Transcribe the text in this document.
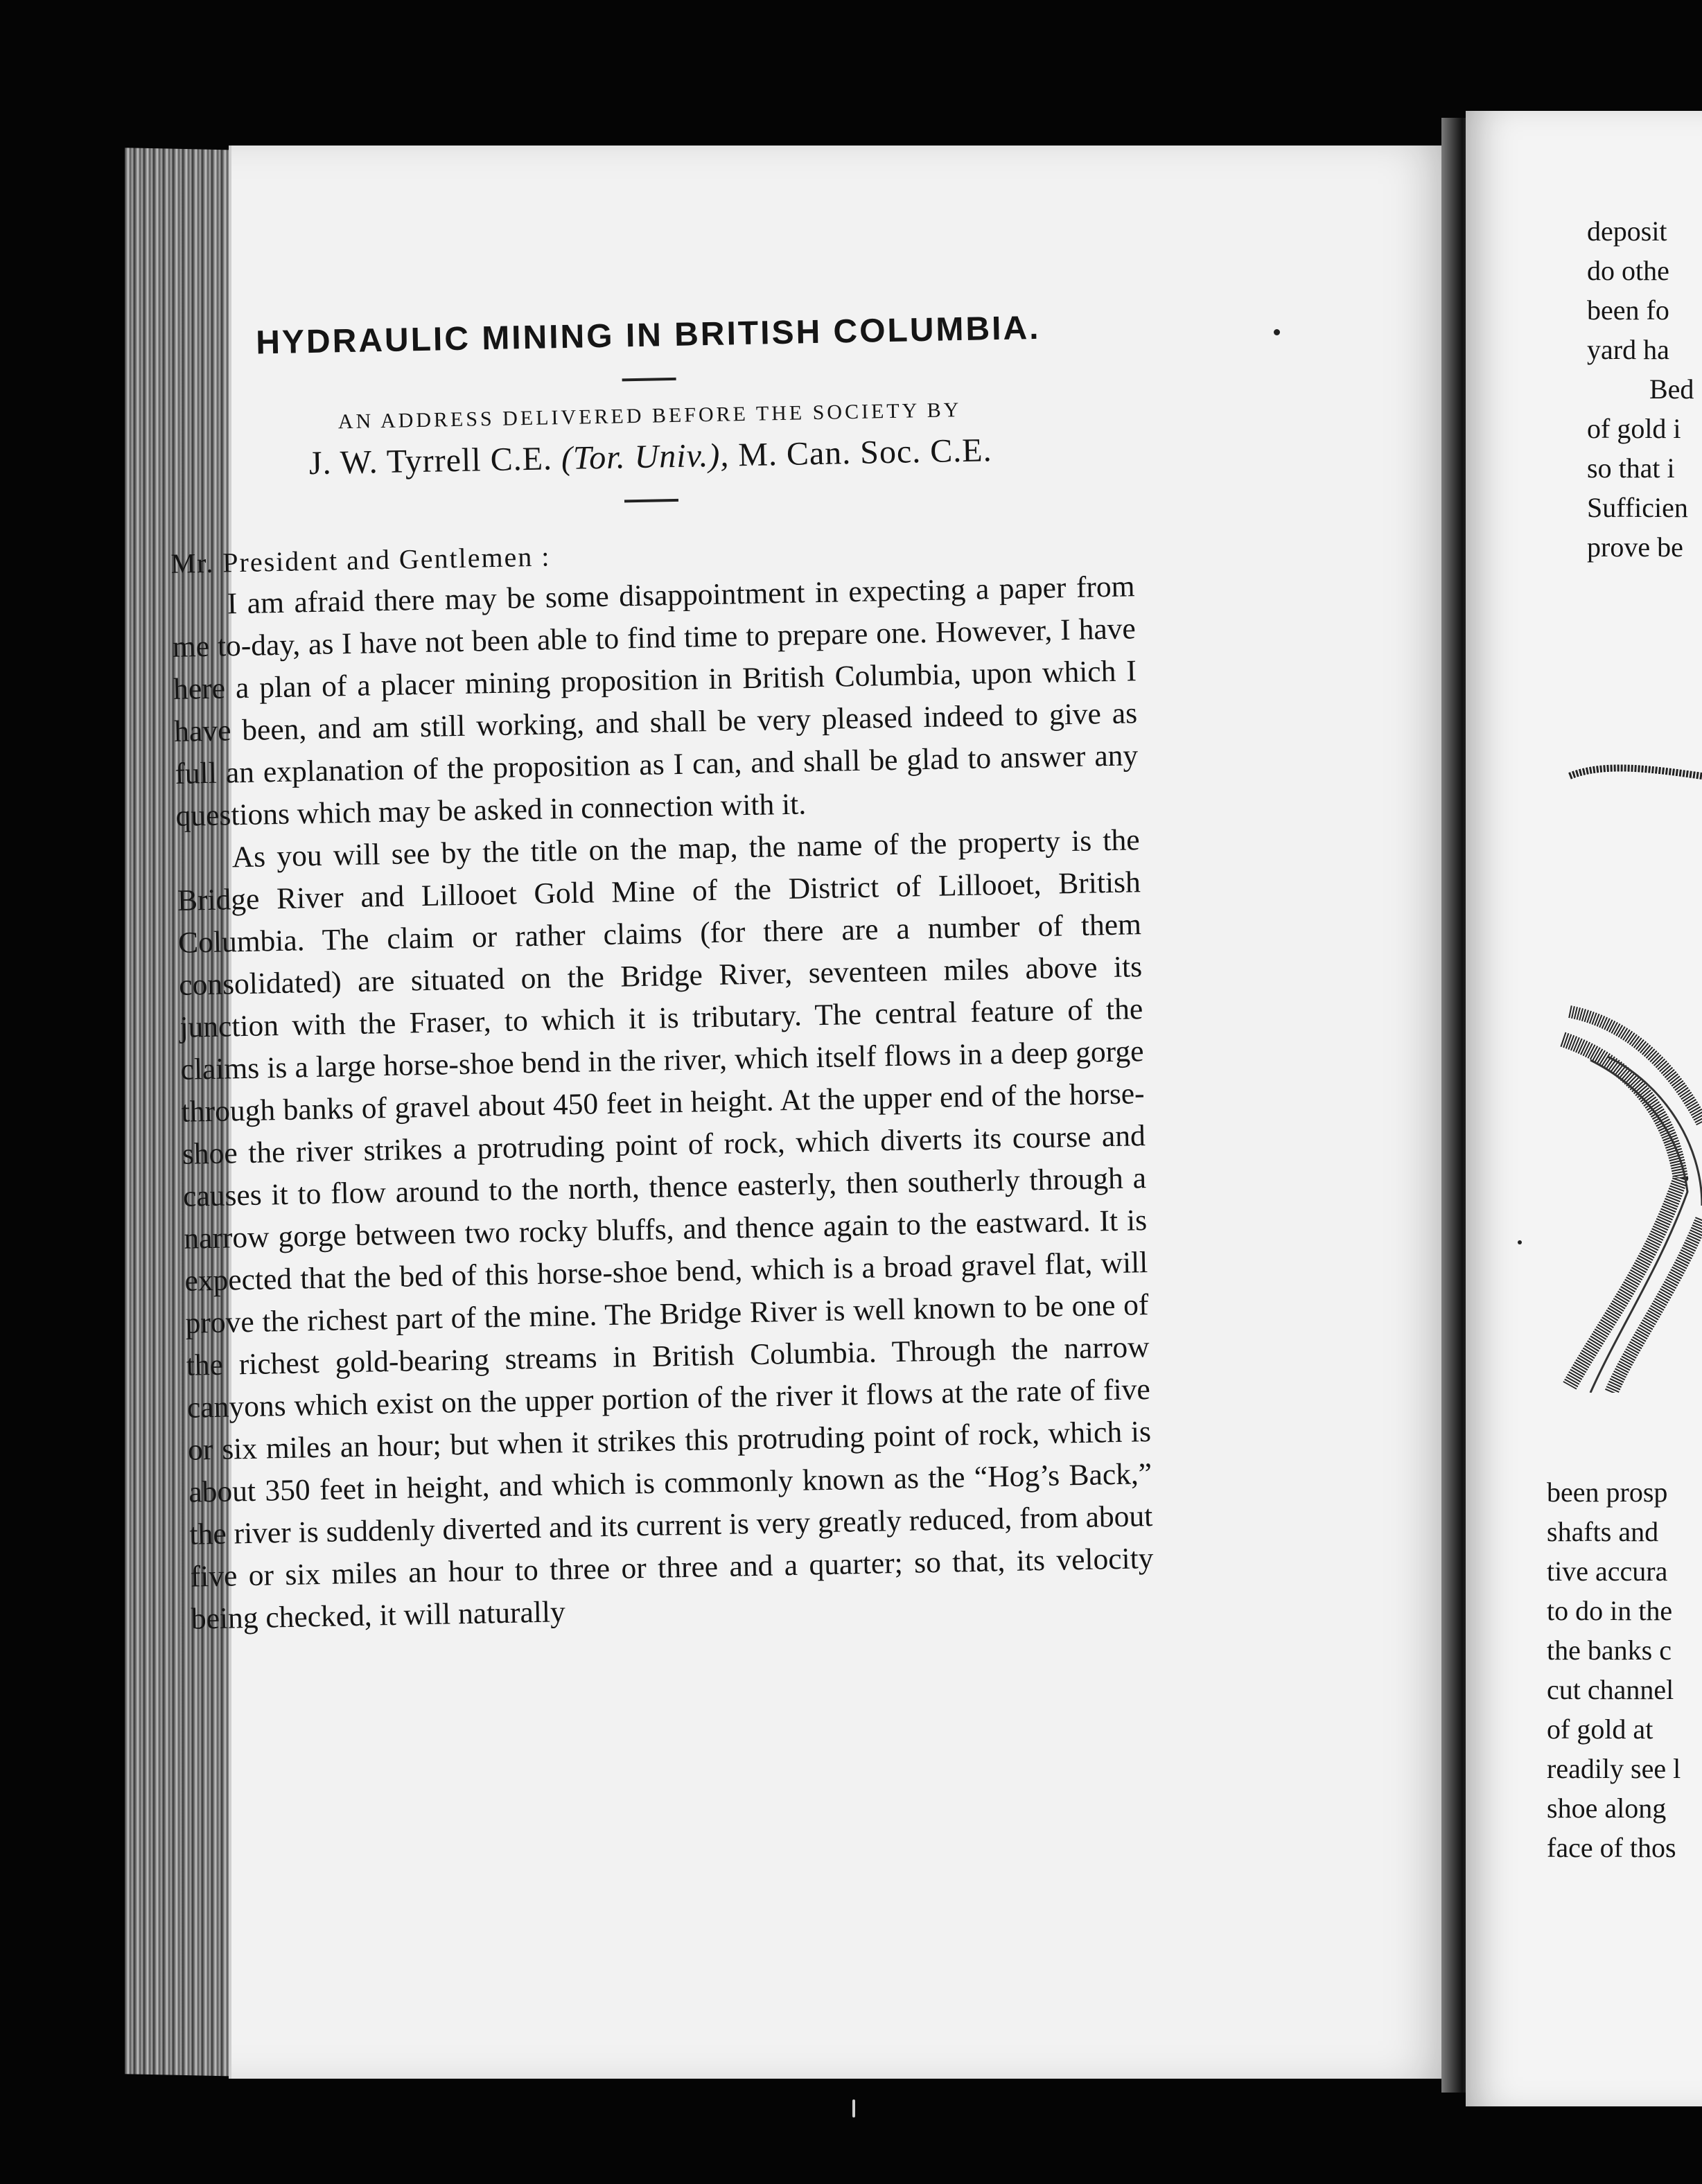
HYDRAULIC MINING IN BRITISH COLUMBIA.

AN ADDRESS DELIVERED BEFORE THE SOCIETY BY

J. W. Tyrrell C.E. (Tor. Univ.), M. Can. Soc. C.E.

Mr. President and Gentlemen :

I am afraid there may be some disappointment in expecting a paper from me to-day, as I have not been able to find time to prepare one. However, I have here a plan of a placer mining proposition in British Columbia, upon which I have been, and am still working, and shall be very pleased indeed to give as full an explanation of the proposition as I can, and shall be glad to answer any questions which may be asked in connection with it.

As you will see by the title on the map, the name of the property is the Bridge River and Lillooet Gold Mine of the District of Lillooet, British Columbia. The claim or rather claims (for there are a number of them consolidated) are situated on the Bridge River, seventeen miles above its junction with the Fraser, to which it is tributary. The central feature of the claims is a large horse-shoe bend in the river, which itself flows in a deep gorge through banks of gravel about 450 feet in height. At the upper end of the horse-shoe the river strikes a protruding point of rock, which diverts its course and causes it to flow around to the north, thence easterly, then southerly through a narrow gorge between two rocky bluffs, and thence again to the eastward. It is expected that the bed of this horse-shoe bend, which is a broad gravel flat, will prove the richest part of the mine. The Bridge River is well known to be one of the richest gold-bearing streams in British Columbia. Through the narrow canyons which exist on the upper portion of the river it flows at the rate of five or six miles an hour; but when it strikes this protruding point of rock, which is about 350 feet in height, and which is commonly known as the “Hog’s Back,” the river is suddenly diverted and its current is very greatly reduced, from about five or six miles an hour to three or three and a quarter; so that, its velocity being checked, it will naturally

deposit
do othe
been fo
yard ha
Bed
of gold i
so that i
Sufficien
prove be
been prosp
shafts and
tive accura
to do in the
the banks c
cut channel
of gold at
readily see l
shoe along
face of thos
